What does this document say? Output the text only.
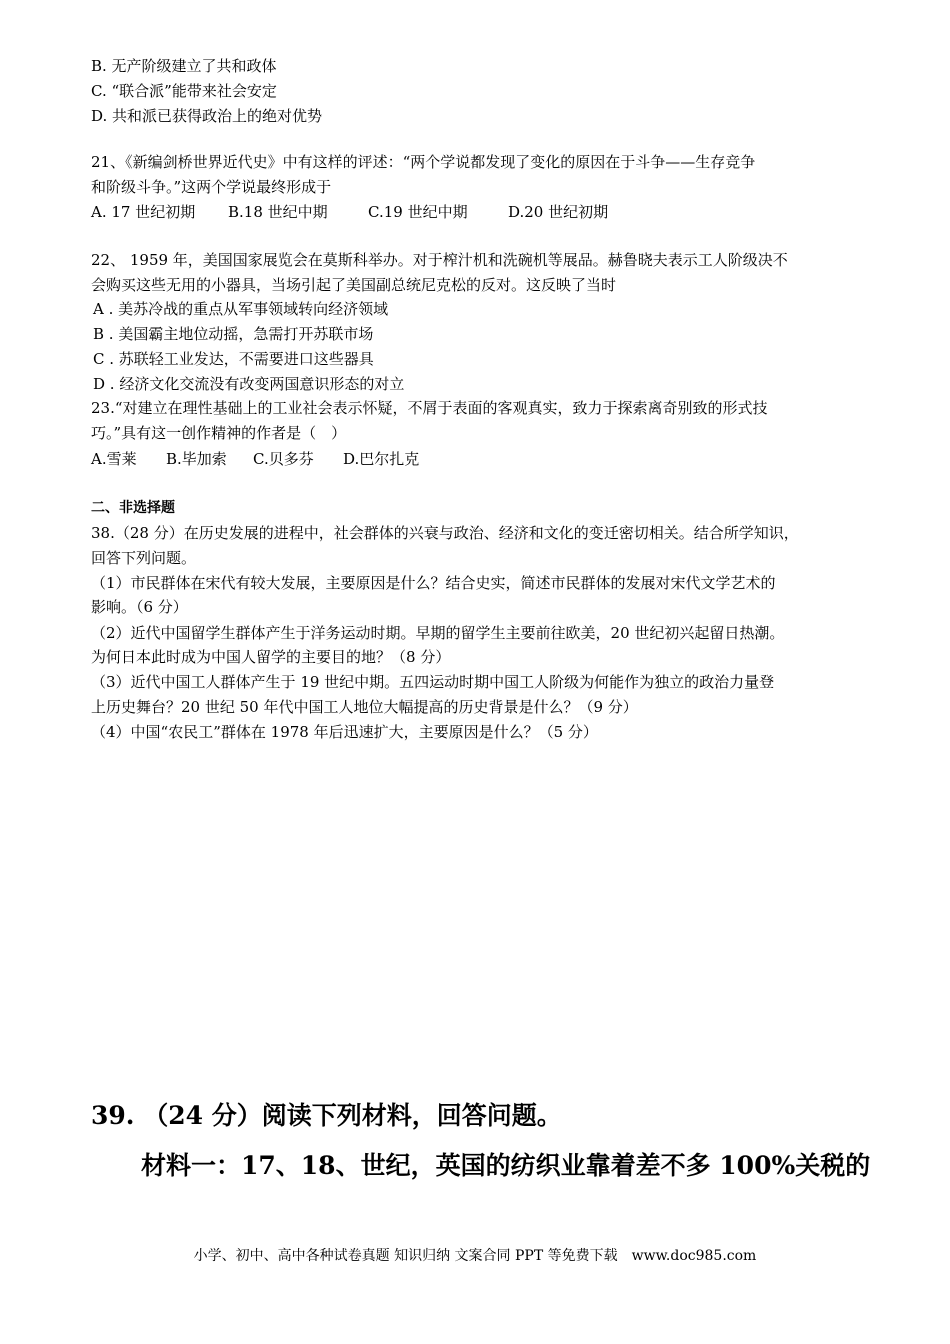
B. 无产阶级建立了共和政体
C. “联合派”能带来社会安定
D. 共和派已获得政治上的绝对优势
21、《新编剑桥世界近代史》中有这样的评述：“两个学说都发现了变化的原因在于斗争——生存竞争
和阶级斗争。”这两个学说最终形成于
A. 17 世纪初期 B.18 世纪中期	C.19 世纪中期	D.20 世纪初期
22、 1959 年，美国国家展览会在莫斯科举办。对于榨汁机和洗碗机等展品。赫鲁晓夫表示工人阶级决不
会购买这些无用的小器具，当场引起了美国副总统尼克松的反对。这反映了当时
A . 美苏冷战的重点从军事领域转向经济领域
B . 美国霸主地位动摇，急需打开苏联市场
C . 苏联轻工业发达，不需要进口这些器具
D . 经济文化交流没有改变两国意识形态的对立
23.“对建立在理性基础上的工业社会表示怀疑，不屑于表面的客观真实，致力于探索离奇别致的形式技
巧。”具有这一创作精神的作者是（　）
A.雪莱 B.毕加索 C.贝多芬 D.巴尔扎克
二、非选择题
38.（28 分）在历史发展的进程中，社会群体的兴衰与政治、经济和文化的变迁密切相关。结合所学知识，
回答下列问题。
（1）市民群体在宋代有较大发展，主要原因是什么？结合史实，简述市民群体的发展对宋代文学艺术的
影响。（6 分）
（2）近代中国留学生群体产生于洋务运动时期。早期的留学生主要前往欧美，20 世纪初兴起留日热潮。
为何日本此时成为中国人留学的主要目的地？（8 分）
（3）近代中国工人群体产生于 19 世纪中期。五四运动时期中国工人阶级为何能作为独立的政治力量登
上历史舞台？20 世纪 50 年代中国工人地位大幅提高的历史背景是什么？（9 分）
（4）中国“农民工”群体在 1978 年后迅速扩大，主要原因是什么？（5 分）
39. （24 分）阅读下列材料，回答问题。
材料一：17、18、世纪，英国的纺织业靠着差不多 100%关税的
小学、初中、高中各种试卷真题 知识归纳 文案合同 PPT 等免费下载　www.doc985.com
